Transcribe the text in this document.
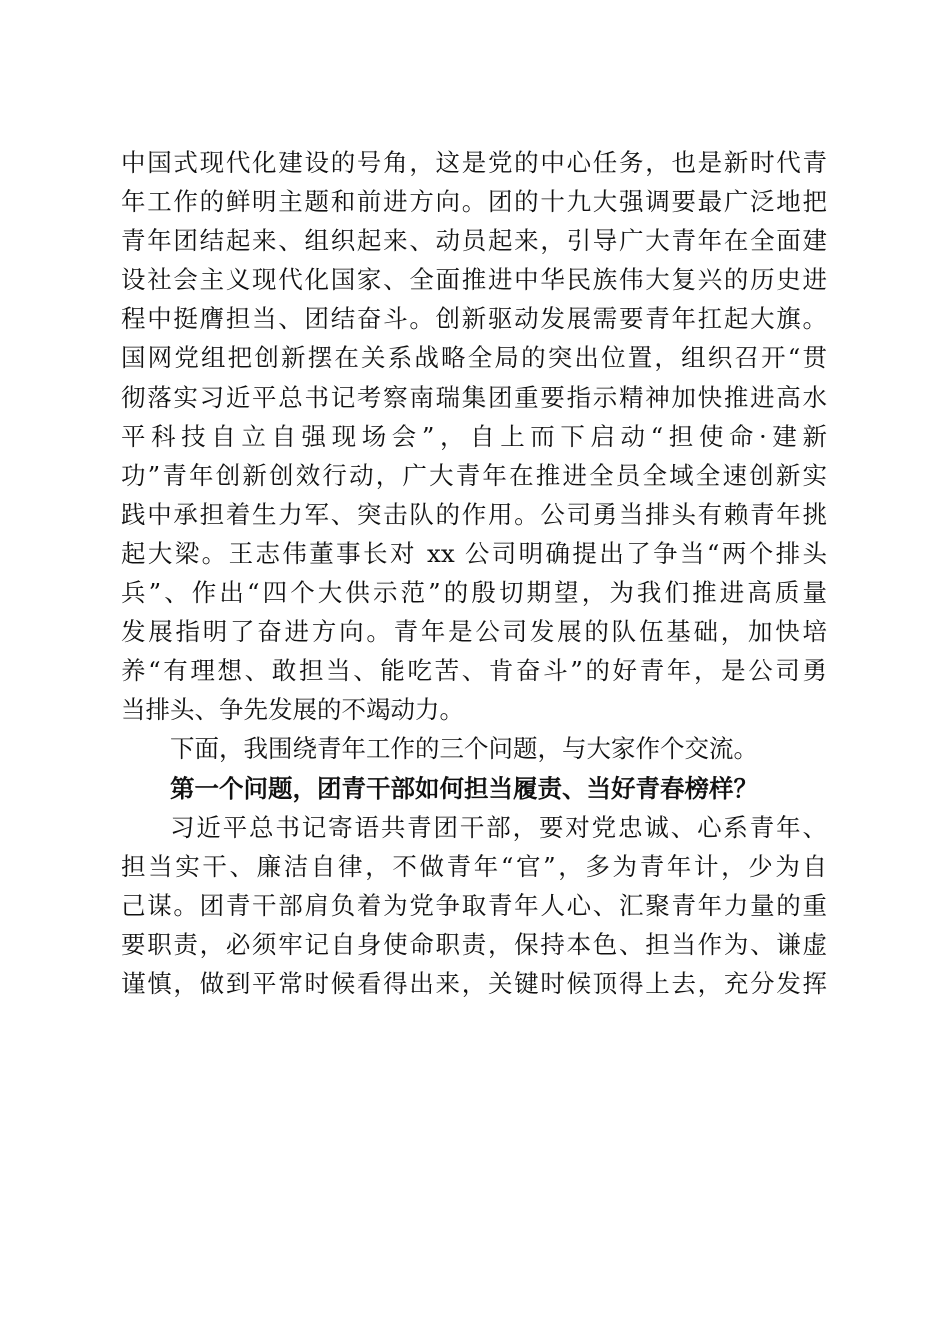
中国式现代化建设的号角，这是党的中心任务，也是新时代青
年工作的鲜明主题和前进方向。团的十九大强调要最广泛地把
青年团结起来、组织起来、动员起来，引导广大青年在全面建
设社会主义现代化国家、全面推进中华民族伟大复兴的历史进
程中挺膺担当、团结奋斗。创新驱动发展需要青年扛起大旗。
国网党组把创新摆在关系战略全局的突出位置，组织召开“贯
彻落实习近平总书记考察南瑞集团重要指示精神加快推进高水
平科技自立自强现场会”，自上而下启动“担使命·建新
功”青年创新创效行动，广大青年在推进全员全域全速创新实
践中承担着生力军、突击队的作用。公司勇当排头有赖青年挑
起大梁。王志伟董事长对 xx 公司明确提出了争当“两个排头
兵”、作出“四个大供示范”的殷切期望，为我们推进高质量
发展指明了奋进方向。青年是公司发展的队伍基础，加快培
养“有理想、敢担当、能吃苦、肯奋斗”的好青年，是公司勇
当排头、争先发展的不竭动力。
下面，我围绕青年工作的三个问题，与大家作个交流。
第一个问题，团青干部如何担当履责、当好青春榜样？
习近平总书记寄语共青团干部，要对党忠诚、心系青年、
担当实干、廉洁自律，不做青年“官”，多为青年计，少为自
己谋。团青干部肩负着为党争取青年人心、汇聚青年力量的重
要职责，必须牢记自身使命职责，保持本色、担当作为、谦虚
谨慎，做到平常时候看得出来，关键时候顶得上去，充分发挥
